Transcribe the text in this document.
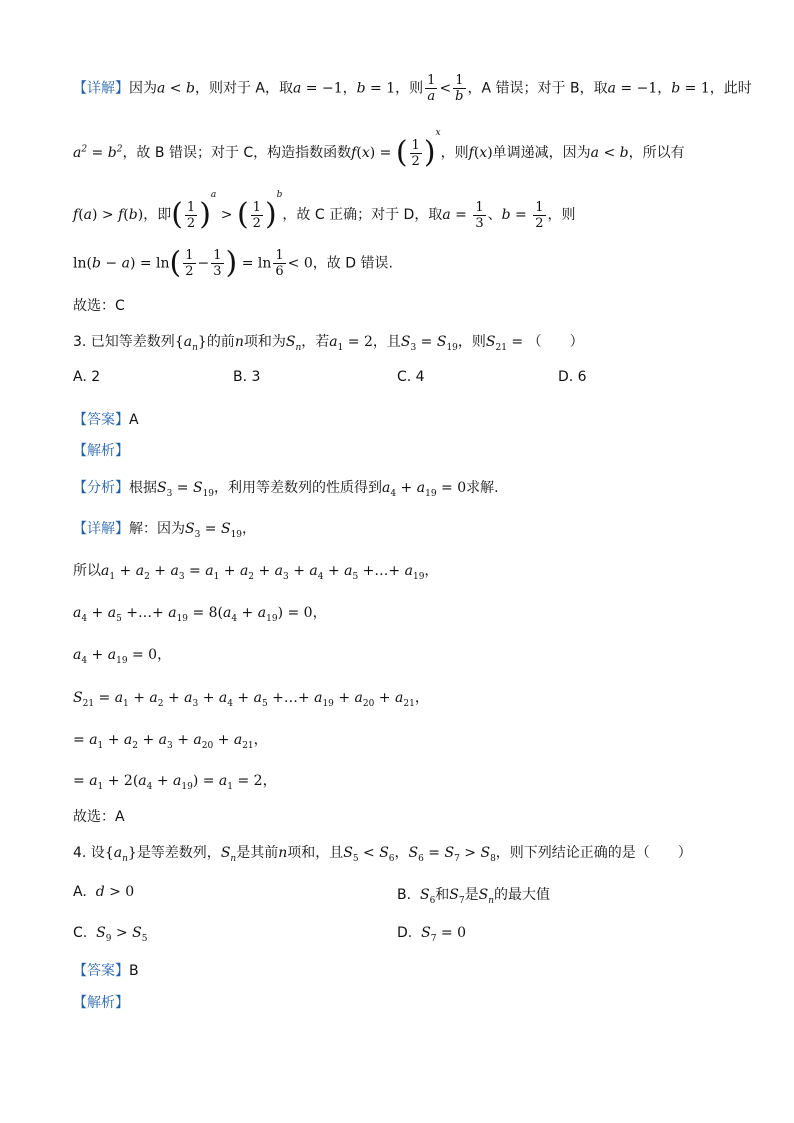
【详解】因为a < b，则对于 A，取a = −1，b = 1，则 $\frac{1}{a} < \frac{1}{b}$ ，A 错误；对于 B，取a = −1，b = 1，此时
$a^2 = b^2$，故 B 错误；对于 C，构造指数函数f(x) = ( $\frac{1}{2} )^x$，则f(x)单调递减，因为a < b，所以有
f(a) > f(b)，即( $\frac{1}{2} )^a$ > ( $\frac{1}{2} )^b$，故 C 正确；对于 D，取$a = \frac{1}{3}$ 、$b = \frac{1}{2}$ ，则
$\ln(b - a) = \ln( \frac{1}{2} - \frac{1}{3}$ ) = $\ln \frac{1}{6} < 0$，故 D 错误.
故选：C
3. 已知等差数列$\{a_n\}$的前n项和为$S_n$，若$a_1 = 2$，且$S_3 = S_{19}$，则$S_{21}$ = （　　）
A. 2	B. 3	C. 4	D. 6
【答案】A
【解析】
【分析】根据$S_3 = S_{19}$，利用等差数列的性质得到$a_4 + a_{19} = 0$求解.
【详解】解：因为$S_3 = S_{19}$，
所以$a_1 + a_2 + a_3 = a_1 + a_2 + a_3 + a_4 + a_5$ +…+ $a_{19}$，
$a_4 + a_5$ +…+ $a_{19} = 8(a_4 + a_{19}) = 0$，
$a_4 + a_{19} = 0$，
$S_{21} = a_1 + a_2 + a_3 + a_4 + a_5$ +…+ $a_{19} + a_{20} + a_{21}$，
= $a_1 + a_2 + a_3 + a_{20} + a_{21}$，
= $a_1 + 2(a_4 + a_{19}) = a_1 = 2$，
故选：A
4. 设$\{a_n\}$是等差数列，$S_n$是其前n项和，且$S_5 < S_6$，$S_6 = S_7 > S_8$，则下列结论正确的是（　　）
A. d > 0	B. $S_6$和$S_7$是$S_n$的最大值
C. $S_9 > S_5$	D. $S_7 = 0$
【答案】B
【解析】
